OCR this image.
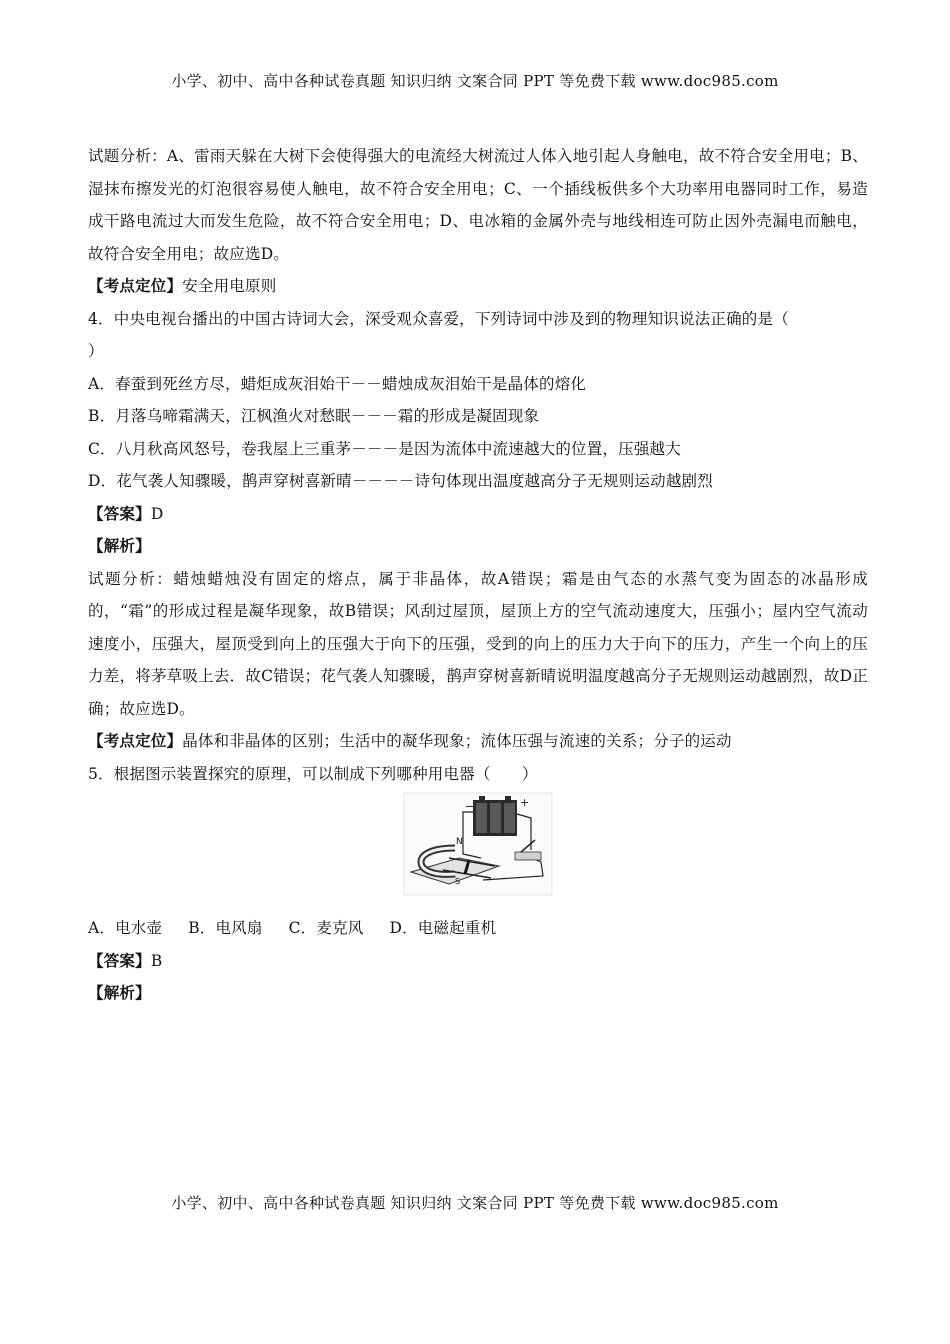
小学、初中、高中各种试卷真题 知识归纳 文案合同 PPT 等免费下载 www.doc985.com

试题分析：A、雷雨天躲在大树下会使得强大的电流经大树流过人体入地引起人身触电，故不符合安全用电；B、湿抹布擦发光的灯泡很容易使人触电，故不符合安全用电；C、一个插线板供多个大功率用电器同时工作，易造成干路电流过大而发生危险，故不符合安全用电；D、电冰箱的金属外壳与地线相连可防止因外壳漏电而触电，故符合安全用电；故应选D。

【考点定位】安全用电原则

4．中央电视台播出的中国古诗词大会，深受观众喜爱，下列诗词中涉及到的物理知识说法正确的是（

）

A．春蚕到死丝方尽，蜡炬成灰泪始干－－蜡烛成灰泪始干是晶体的熔化

B．月落乌啼霜满天，江枫渔火对愁眠－－－霜的形成是凝固现象

C．八月秋高风怒号，卷我屋上三重茅－－－是因为流体中流速越大的位置，压强越大

D．花气袭人知骤暖，鹊声穿树喜新晴－－－－诗句体现出温度越高分子无规则运动越剧烈

【答案】D

【解析】

试题分析：蜡烛蜡烛没有固定的熔点，属于非晶体，故A错误；霜是由气态的水蒸气变为固态的冰晶形成的，“霜”的形成过程是凝华现象，故B错误；风刮过屋顶，屋顶上方的空气流动速度大，压强小；屋内空气流动速度小，压强大，屋顶受到向上的压强大于向下的压强，受到的向上的压力大于向下的压力，产生一个向上的压力差，将茅草吸上去．故C错误；花气袭人知骤暖，鹊声穿树喜新晴说明温度越高分子无规则运动越剧烈，故D正确；故应选D。

【考点定位】晶体和非晶体的区别；生活中的凝华现象；流体压强与流速的关系；分子的运动

5．根据图示装置探究的原理，可以制成下列哪种用电器（　　）

−	+
N
S

A．电水壶 B．电风扇 C．麦克风 D．电磁起重机

【答案】B

【解析】

小学、初中、高中各种试卷真题 知识归纳 文案合同 PPT 等免费下载 www.doc985.com
